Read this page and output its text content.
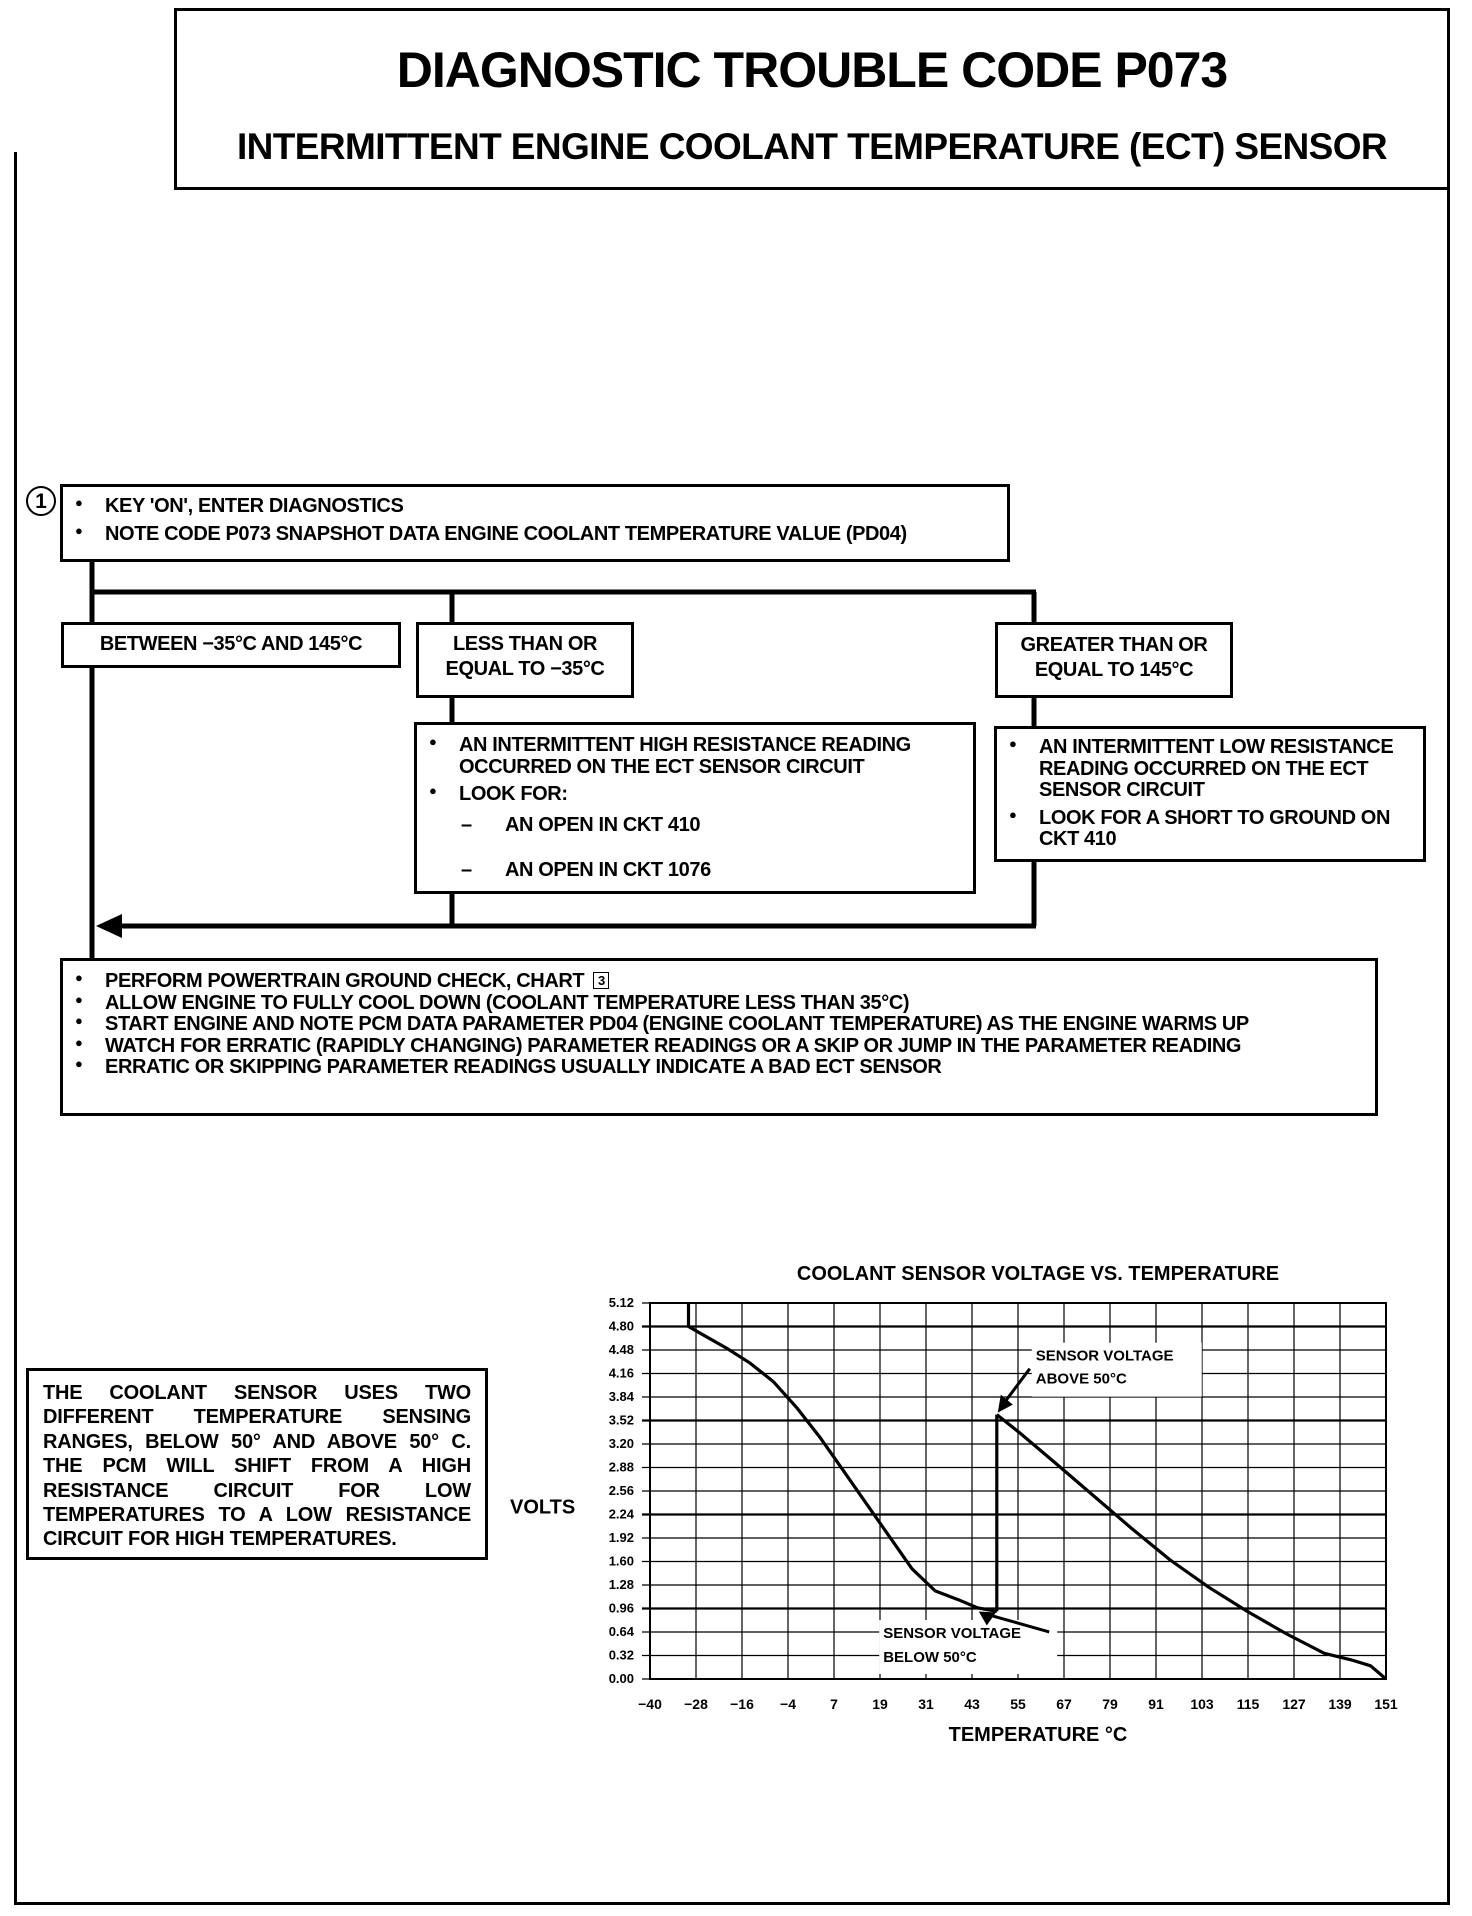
DIAGNOSTIC TROUBLE CODE P073
INTERMITTENT ENGINE COOLANT TEMPERATURE (ECT) SENSOR
1
●	KEY 'ON', ENTER DIAGNOSTICS
● NOTE CODE P073 SNAPSHOT DATA ENGINE COOLANT TEMPERATURE VALUE (PD04)
BETWEEN −35°C AND 145°C	LESS THAN OR
EQUAL TO −35°C
GREATER THAN OR
EQUAL TO 145°C
● AN INTERMITTENT HIGH RESISTANCE READING OCCURRED ON THE ECT SENSOR CIRCUIT
● LOOK FOR:
– AN OPEN IN CKT 410
– AN OPEN IN CKT 1076
● AN INTERMITTENT LOW RESISTANCE READING OCCURRED ON THE ECT SENSOR CIRCUIT
● LOOK FOR A SHORT TO GROUND ON CKT 410
● PERFORM POWERTRAIN GROUND CHECK, CHART 3
● ALLOW ENGINE TO FULLY COOL DOWN (COOLANT TEMPERATURE LESS THAN 35°C)
● START ENGINE AND NOTE PCM DATA PARAMETER PD04 (ENGINE COOLANT TEMPERATURE) AS THE ENGINE WARMS UP
● WATCH FOR ERRATIC (RAPIDLY CHANGING) PARAMETER READINGS OR A SKIP OR JUMP IN THE PARAMETER READING
● ERRATIC OR SKIPPING PARAMETER READINGS USUALLY INDICATE A BAD ECT SENSOR
THE COOLANT SENSOR USES TWO DIFFERENT TEMPERATURE SENSING RANGES, BELOW 50° AND ABOVE 50° C. THE PCM WILL SHIFT FROM A HIGH RESISTANCE CIRCUIT FOR LOW TEMPERATURES TO A LOW RESISTANCE CIRCUIT FOR HIGH TEMPERATURES.
−40 −28 −16 −4 7 19 31 43 55 67 79 91 103 115 127 139 151
5.12
4.80
4.48
4.16
3.84
3.52
3.20
2.88
2.56
2.24
1.92
1.60
1.28
0.96
0.64
0.32
0.00
COOLANT SENSOR VOLTAGE VS. TEMPERATURE
TEMPERATURE °C
VOLTS
SENSOR VOLTAGE
ABOVE 50°C
SENSOR VOLTAGE
BELOW 50°C
